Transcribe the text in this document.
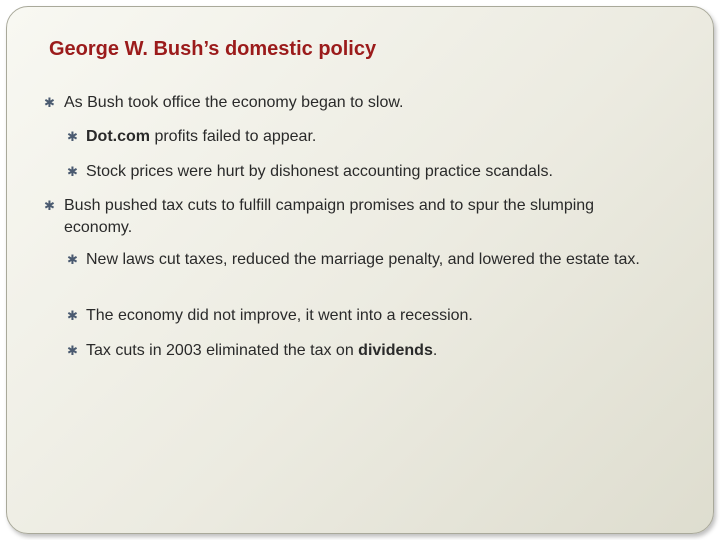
George W. Bush’s domestic policy
✱ As Bush took office the economy began to slow.
✱ Dot.com profits failed to appear.
✱ Stock prices were hurt by dishonest accounting practice scandals.
✱ Bush pushed tax cuts to fulfill campaign promises and to spur the slumping economy.
✱ New laws cut taxes, reduced the marriage penalty, and lowered the estate tax.
✱ The economy did not improve, it went into a recession.
✱ Tax cuts in 2003 eliminated the tax on dividends.
